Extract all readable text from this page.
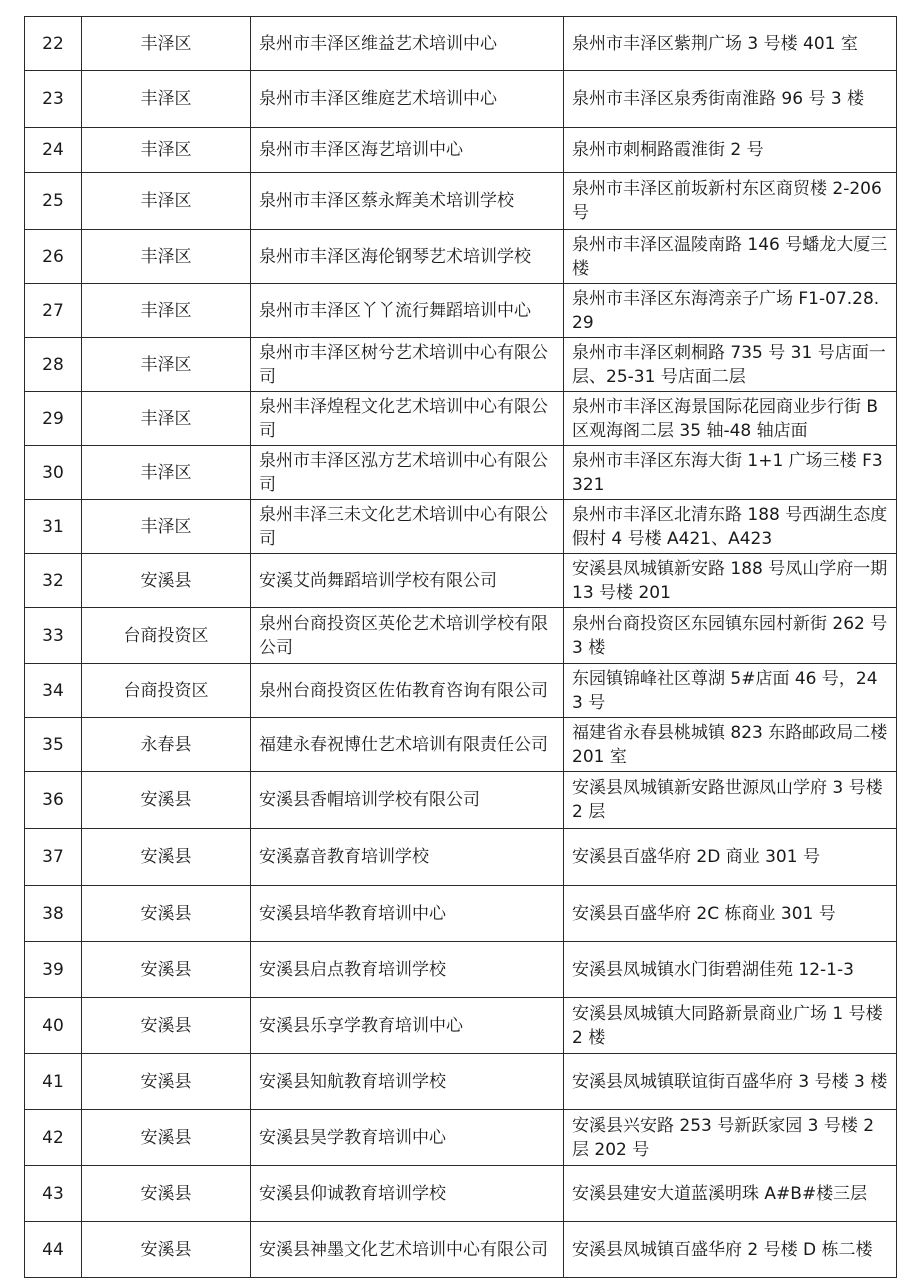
22	丰泽区	泉州市丰泽区维益艺术培训中心	泉州市丰泽区紫荆广场 3 号楼 401 室
23	丰泽区	泉州市丰泽区维庭艺术培训中心	泉州市丰泽区泉秀街南淮路 96 号 3 楼
24	丰泽区	泉州市丰泽区海艺培训中心	泉州市刺桐路霞淮街 2 号
25	丰泽区	泉州市丰泽区蔡永辉美术培训学校	泉州市丰泽区前坂新村东区商贸楼 2-206 号
26	丰泽区	泉州市丰泽区海伦钢琴艺术培训学校	泉州市丰泽区温陵南路 146 号蟠龙大厦三楼
27	丰泽区	泉州市丰泽区丫丫流行舞蹈培训中心	泉州市丰泽区东海湾亲子广场 F1-07.28.29
28	丰泽区	泉州市丰泽区树兮艺术培训中心有限公司	泉州市丰泽区刺桐路 735 号 31 号店面一层、25-31 号店面二层
29	丰泽区	泉州丰泽煌程文化艺术培训中心有限公司	泉州市丰泽区海景国际花园商业步行街 B 区观海阁二层 35 轴-48 轴店面
30	丰泽区	泉州市丰泽区泓方艺术培训中心有限公司	泉州市丰泽区东海大街 1+1 广场三楼 F3321
31	丰泽区	泉州丰泽三未文化艺术培训中心有限公司	泉州市丰泽区北清东路 188 号西湖生态度假村 4 号楼 A421、A423
32	安溪县	安溪艾尚舞蹈培训学校有限公司	安溪县凤城镇新安路 188 号凤山学府一期 13 号楼 201
33	台商投资区	泉州台商投资区英伦艺术培训学校有限公司	泉州台商投资区东园镇东园村新街 262 号 3 楼
34	台商投资区	泉州台商投资区佐佑教育咨询有限公司	东园镇锦峰社区尊湖 5#店面 46 号，243 号
35	永春县	福建永春祝博仕艺术培训有限责任公司	福建省永春县桃城镇 823 东路邮政局二楼 201 室
36	安溪县	安溪县香帽培训学校有限公司	安溪县凤城镇新安路世源凤山学府 3 号楼 2 层
37	安溪县	安溪嘉音教育培训学校	安溪县百盛华府 2D 商业 301 号
38	安溪县	安溪县培华教育培训中心	安溪县百盛华府 2C 栋商业 301 号
39	安溪县	安溪县启点教育培训学校	安溪县凤城镇水门街碧湖佳苑 12-1-3
40	安溪县	安溪县乐享学教育培训中心	安溪县凤城镇大同路新景商业广场 1 号楼 2 楼
41	安溪县	安溪县知航教育培训学校	安溪县凤城镇联谊街百盛华府 3 号楼 3 楼
42	安溪县	安溪县昊学教育培训中心	安溪县兴安路 253 号新跃家园 3 号楼 2 层 202 号
43	安溪县	安溪县仰诚教育培训学校	安溪县建安大道蓝溪明珠 A#B#楼三层
44	安溪县	安溪县神墨文化艺术培训中心有限公司	安溪县凤城镇百盛华府 2 号楼 D 栋二楼
